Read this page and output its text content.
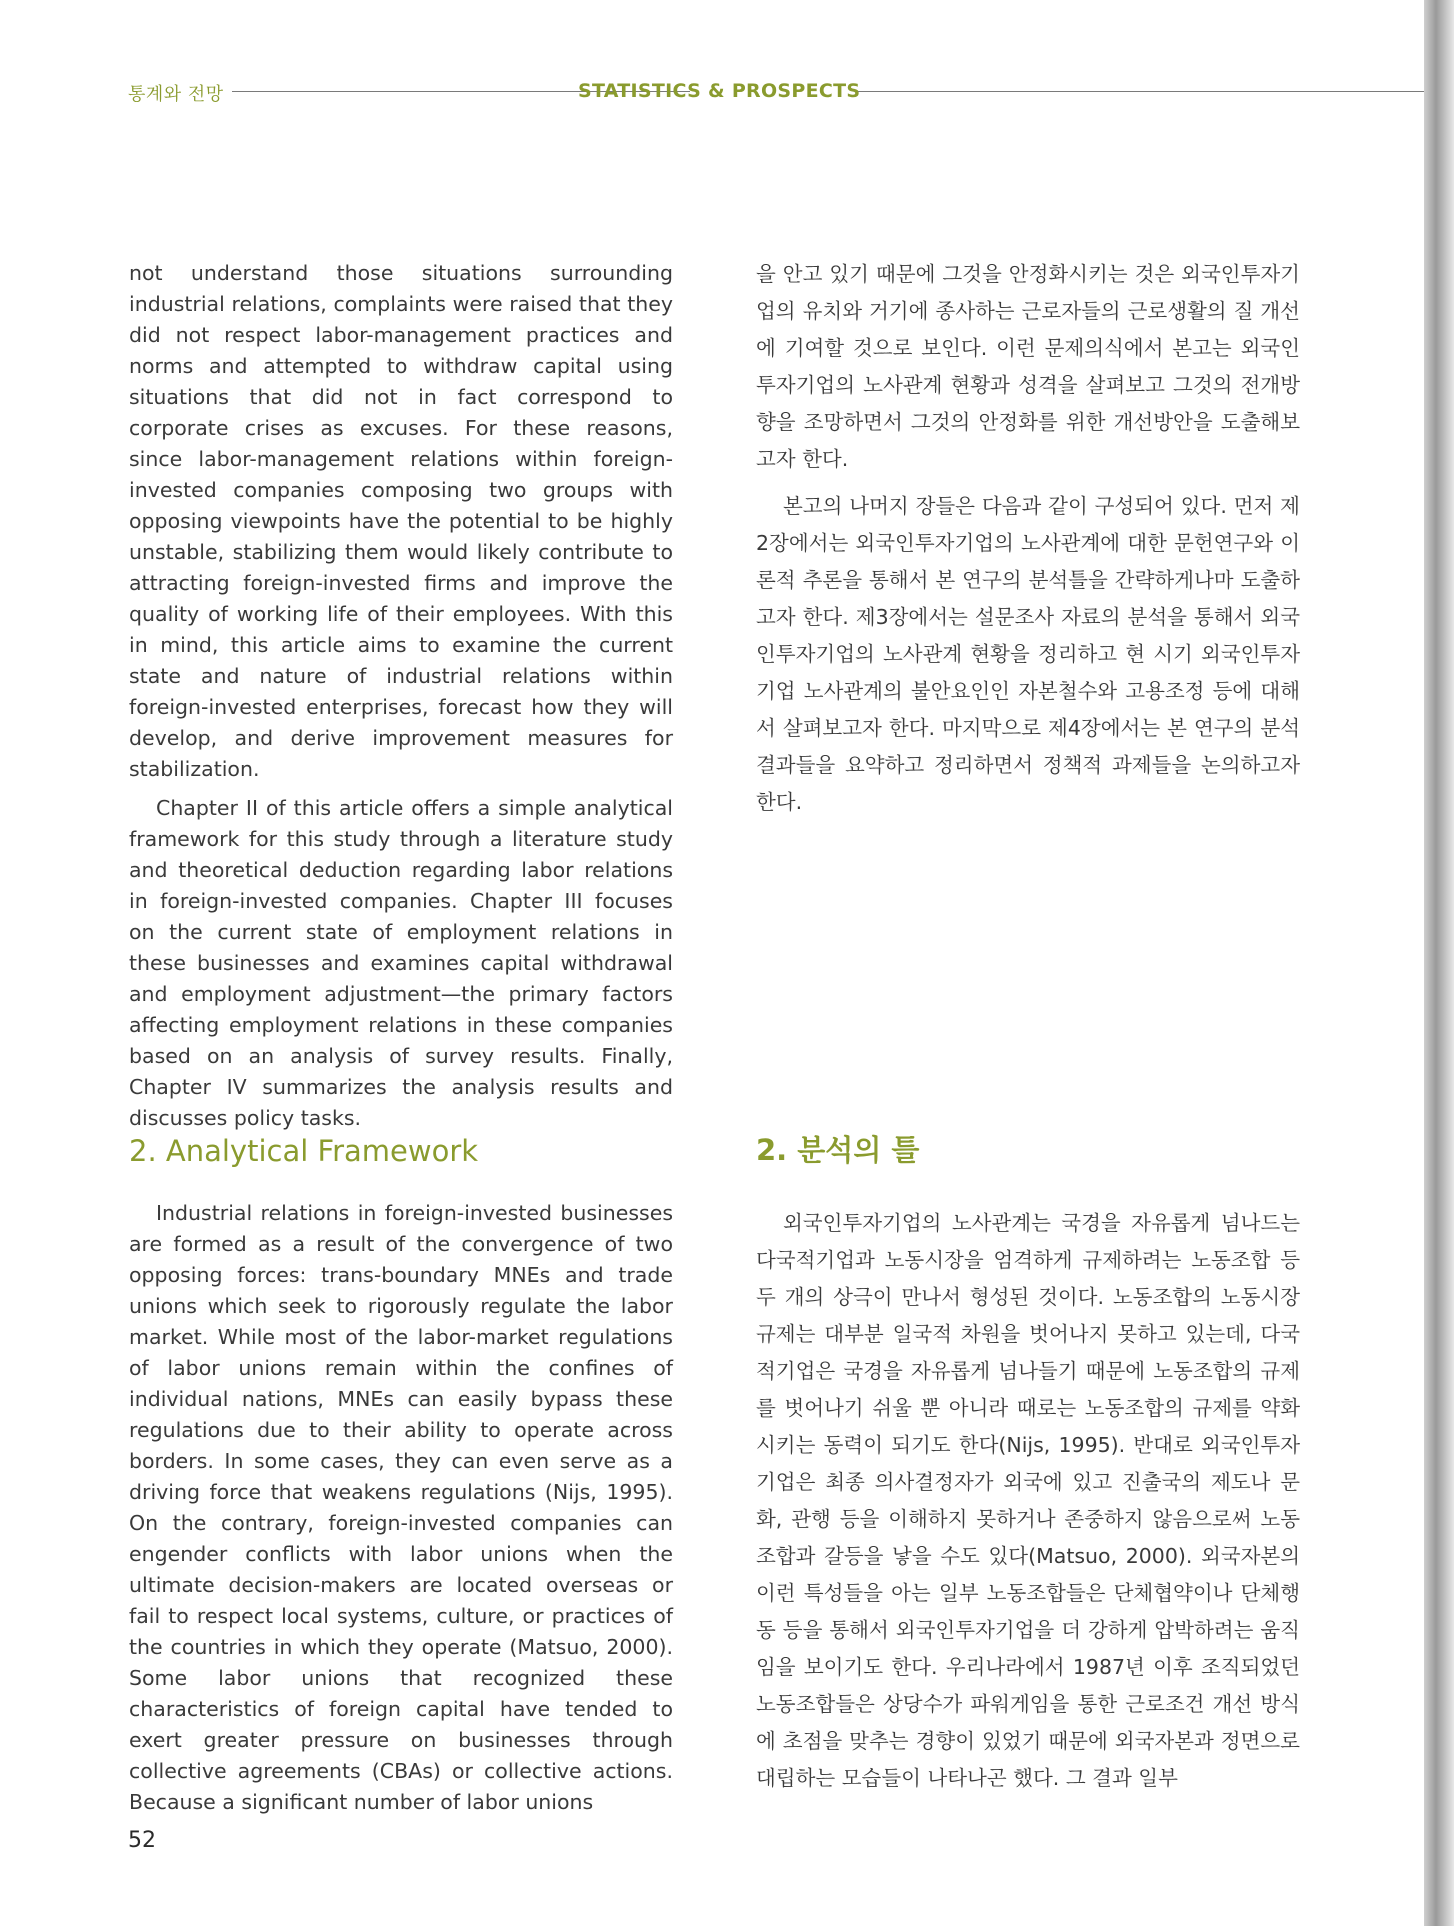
통계와 전망	STATISTICS & PROSPECTS

not understand those situations surrounding industrial relations, complaints were raised that they did not respect labor-management practices and norms and attempted to withdraw capital using situations that did not in fact correspond to corporate crises as excuses. For these reasons, since labor-management relations within foreign-invested companies composing two groups with opposing viewpoints have the potential to be highly unstable, stabilizing them would likely contribute to attracting foreign-invested firms and improve the quality of working life of their employees. With this in mind, this article aims to examine the current state and nature of industrial relations within foreign-invested enterprises, forecast how they will develop, and derive improvement measures for stabilization.

Chapter II of this article offers a simple analytical framework for this study through a literature study and theoretical deduction regarding labor relations in foreign-invested companies. Chapter III focuses on the current state of employment relations in these businesses and examines capital withdrawal and employment adjustment—the primary factors affecting employment relations in these companies based on an analysis of survey results. Finally, Chapter IV summarizes the analysis results and discusses policy tasks.

을 안고 있기 때문에 그것을 안정화시키는 것은 외국인투자기업의 유치와 거기에 종사하는 근로자들의 근로생활의 질 개선에 기여할 것으로 보인다. 이런 문제의식에서 본고는 외국인투자기업의 노사관계 현황과 성격을 살펴보고 그것의 전개방향을 조망하면서 그것의 안정화를 위한 개선방안을 도출해보고자 한다.

본고의 나머지 장들은 다음과 같이 구성되어 있다. 먼저 제2장에서는 외국인투자기업의 노사관계에 대한 문헌연구와 이론적 추론을 통해서 본 연구의 분석틀을 간략하게나마 도출하고자 한다. 제3장에서는 설문조사 자료의 분석을 통해서 외국인투자기업의 노사관계 현황을 정리하고 현 시기 외국인투자기업 노사관계의 불안요인인 자본철수와 고용조정 등에 대해서 살펴보고자 한다. 마지막으로 제4장에서는 본 연구의 분석 결과들을 요약하고 정리하면서 정책적 과제들을 논의하고자 한다.

2. Analytical Framework	2. 분석의 틀

Industrial relations in foreign-invested businesses are formed as a result of the convergence of two opposing forces: trans-boundary MNEs and trade unions which seek to rigorously regulate the labor market. While most of the labor-market regulations of labor unions remain within the confines of individual nations, MNEs can easily bypass these regulations due to their ability to operate across borders. In some cases, they can even serve as a driving force that weakens regulations (Nijs, 1995). On the contrary, foreign-invested companies can engender conflicts with labor unions when the ultimate decision-makers are located overseas or fail to respect local systems, culture, or practices of the countries in which they operate (Matsuo, 2000). Some labor unions that recognized these characteristics of foreign capital have tended to exert greater pressure on businesses through collective agreements (CBAs) or collective actions. Because a significant number of labor unions

외국인투자기업의 노사관계는 국경을 자유롭게 넘나드는 다국적기업과 노동시장을 엄격하게 규제하려는 노동조합 등 두 개의 상극이 만나서 형성된 것이다. 노동조합의 노동시장 규제는 대부분 일국적 차원을 벗어나지 못하고 있는데, 다국적기업은 국경을 자유롭게 넘나들기 때문에 노동조합의 규제를 벗어나기 쉬울 뿐 아니라 때로는 노동조합의 규제를 약화시키는 동력이 되기도 한다(Nijs, 1995). 반대로 외국인투자기업은 최종 의사결정자가 외국에 있고 진출국의 제도나 문화, 관행 등을 이해하지 못하거나 존중하지 않음으로써 노동조합과 갈등을 낳을 수도 있다(Matsuo, 2000). 외국자본의 이런 특성들을 아는 일부 노동조합들은 단체협약이나 단체행동 등을 통해서 외국인투자기업을 더 강하게 압박하려는 움직임을 보이기도 한다. 우리나라에서 1987년 이후 조직되었던 노동조합들은 상당수가 파워게임을 통한 근로조건 개선 방식에 초점을 맞추는 경향이 있었기 때문에 외국자본과 정면으로 대립하는 모습들이 나타나곤 했다. 그 결과 일부

52
